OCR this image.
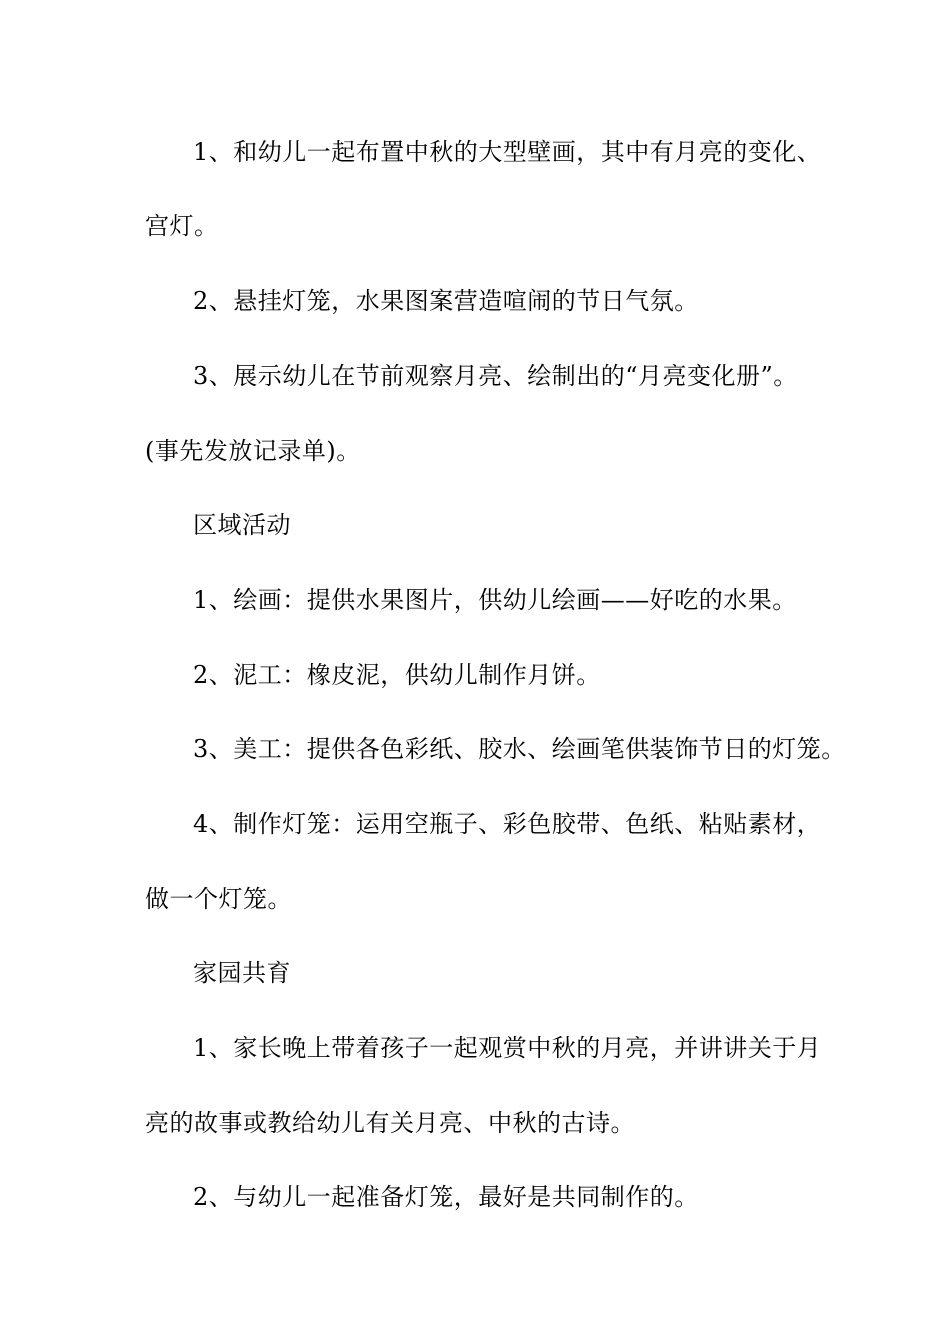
1、和幼儿一起布置中秋的大型壁画，其中有月亮的变化、
宫灯。
2、悬挂灯笼，水果图案营造喧闹的节日气氛。
3、展示幼儿在节前观察月亮、绘制出的“月亮变化册”。
(事先发放记录单)。
区域活动
1、绘画：提供水果图片，供幼儿绘画——好吃的水果。
2、泥工：橡皮泥，供幼儿制作月饼。
3、美工：提供各色彩纸、胶水、绘画笔供装饰节日的灯笼。
4、制作灯笼：运用空瓶子、彩色胶带、色纸、粘贴素材，
做一个灯笼。
家园共育
1、家长晚上带着孩子一起观赏中秋的月亮，并讲讲关于月
亮的故事或教给幼儿有关月亮、中秋的古诗。
2、与幼儿一起准备灯笼，最好是共同制作的。
